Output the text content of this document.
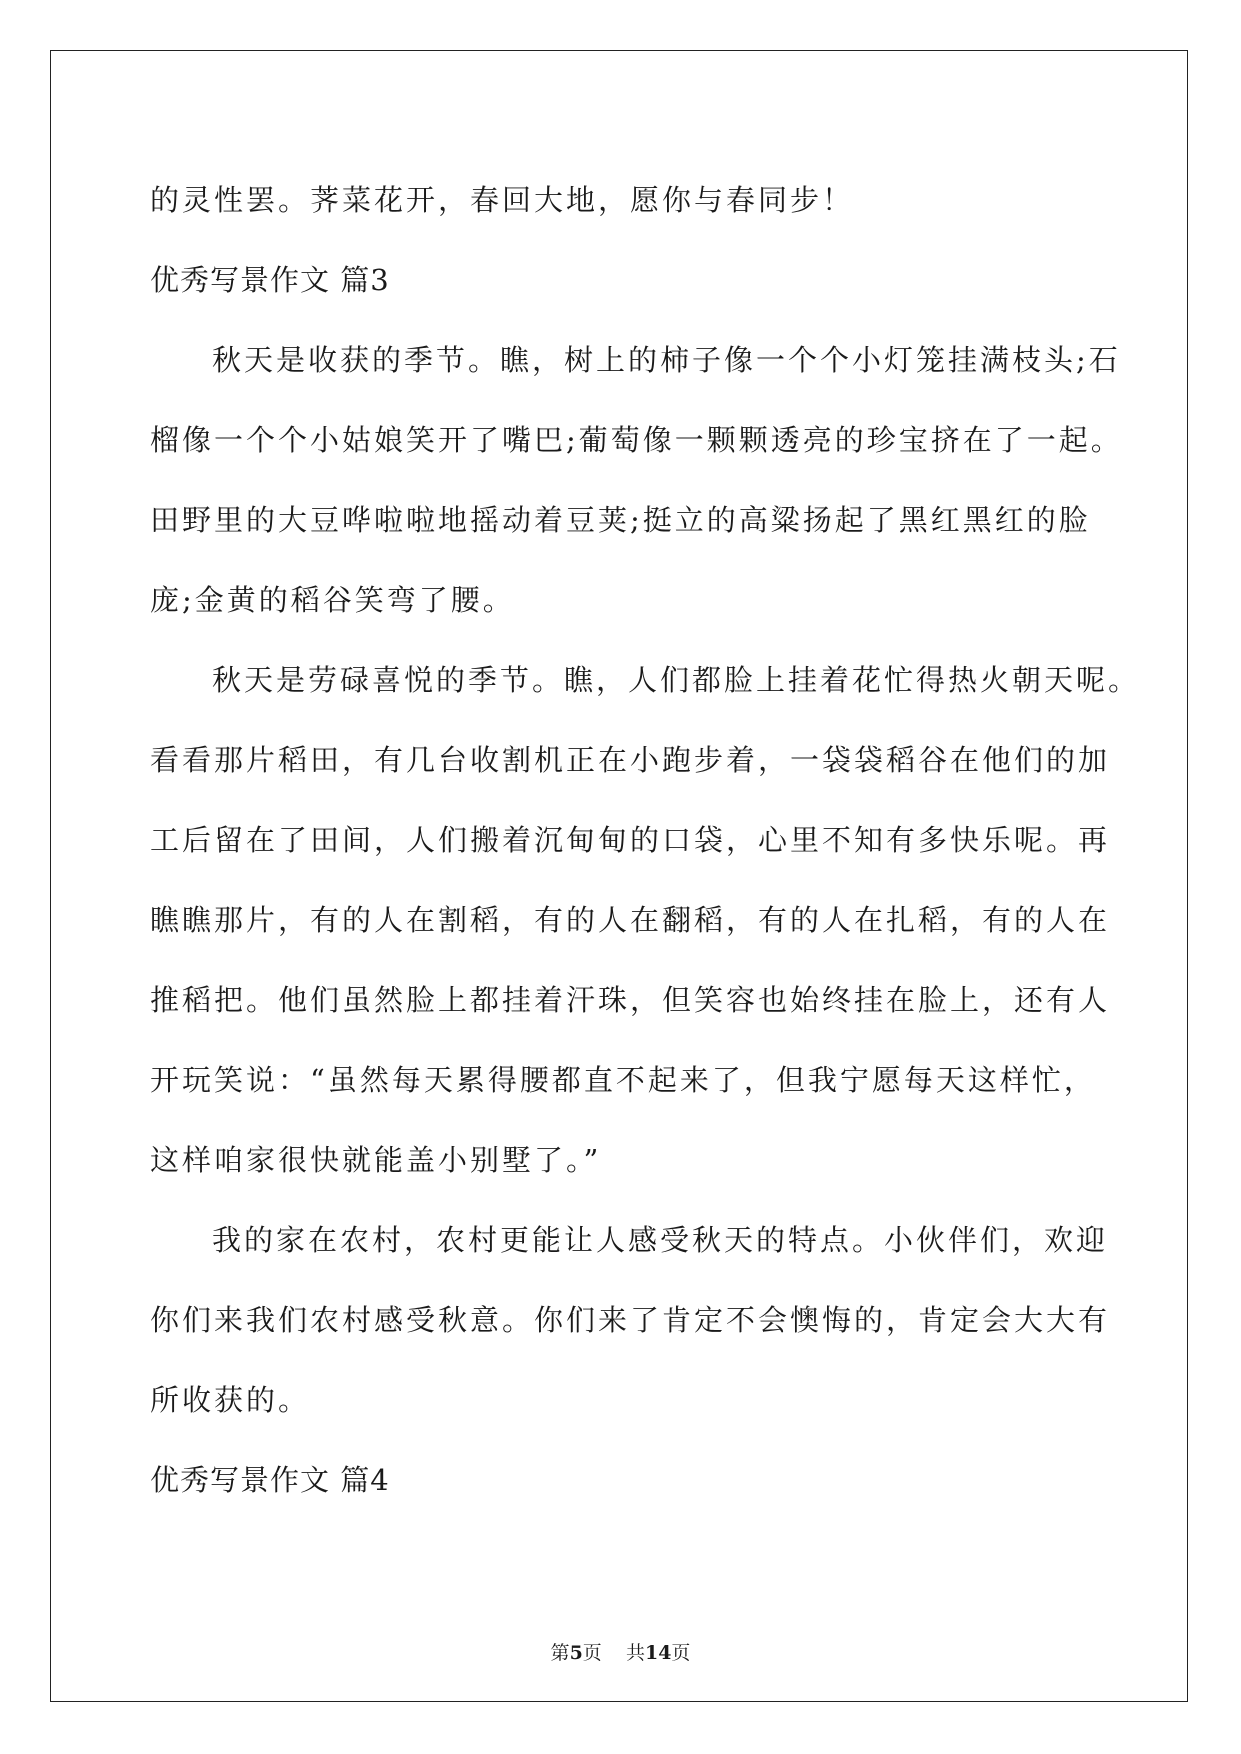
的灵性罢。荠菜花开，春回大地，愿你与春同步！
优秀写景作文 篇3
秋天是收获的季节。瞧，树上的柿子像一个个小灯笼挂满枝头;石
榴像一个个小姑娘笑开了嘴巴;葡萄像一颗颗透亮的珍宝挤在了一起。
田野里的大豆哗啦啦地摇动着豆荚;挺立的高粱扬起了黑红黑红的脸
庞;金黄的稻谷笑弯了腰。
秋天是劳碌喜悦的季节。瞧，人们都脸上挂着花忙得热火朝天呢。
看看那片稻田，有几台收割机正在小跑步着，一袋袋稻谷在他们的加
工后留在了田间，人们搬着沉甸甸的口袋，心里不知有多快乐呢。再
瞧瞧那片，有的人在割稻，有的人在翻稻，有的人在扎稻，有的人在
推稻把。他们虽然脸上都挂着汗珠，但笑容也始终挂在脸上，还有人
开玩笑说：“虽然每天累得腰都直不起来了，但我宁愿每天这样忙，
这样咱家很快就能盖小别墅了。”
我的家在农村，农村更能让人感受秋天的特点。小伙伴们，欢迎
你们来我们农村感受秋意。你们来了肯定不会懊悔的，肯定会大大有
所收获的。
优秀写景作文 篇4
第5页    共14页
